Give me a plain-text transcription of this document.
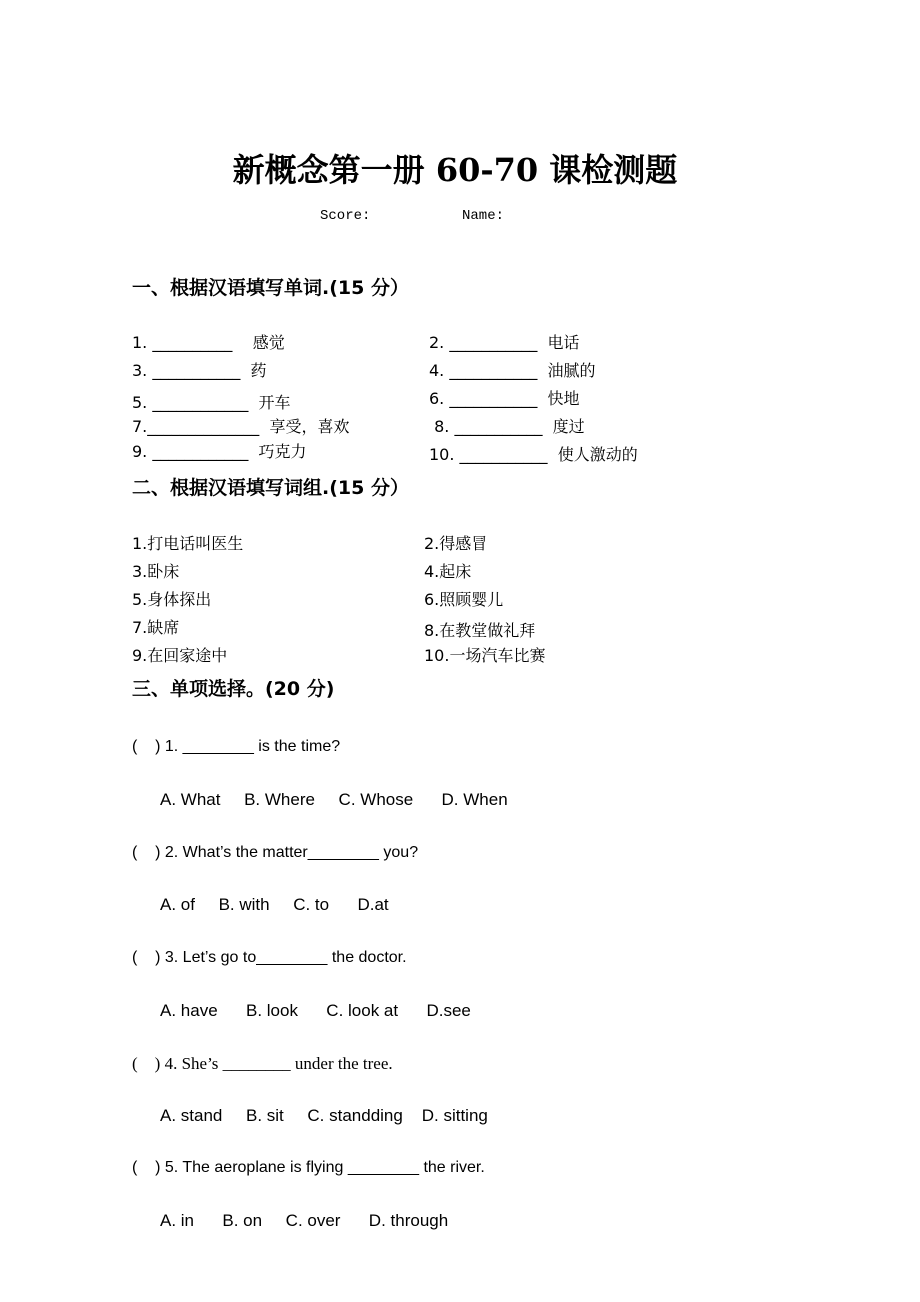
新概念第一册 60-70 课检测题
Score:	Name:
一、根据汉语填写单词.(15 分）
1. __________    感觉	2. ___________  电话
3. ___________  药	4. ___________  油腻的
5. ____________  开车	6. ___________  快地
7.______________  享受，喜欢	8. ___________  度过
9. ____________  巧克力	10. ___________  使人激动的
二、根据汉语填写词组.(15 分）
1.打电话叫医生	2.得感冒
3.卧床	4.起床
5.身体探出	6.照顾婴儿
7.缺席	8.在教堂做礼拜
9.在回家途中	10.一场汽车比赛
三、单项选择。(20 分)
(    ) 1. ________ is the time?
A. What     B. Where     C. Whose      D. When
(    ) 2. What’s the matter________ you?
A. of     B. with     C. to      D.at
(    ) 3. Let’s go to________ the doctor.
A. have      B. look      C. look at      D.see
(    ) 4. She’s ________ under the tree.
A. stand     B. sit     C. standding    D. sitting
(    ) 5. The aeroplane is flying ________ the river.
A. in      B. on     C. over      D. through
